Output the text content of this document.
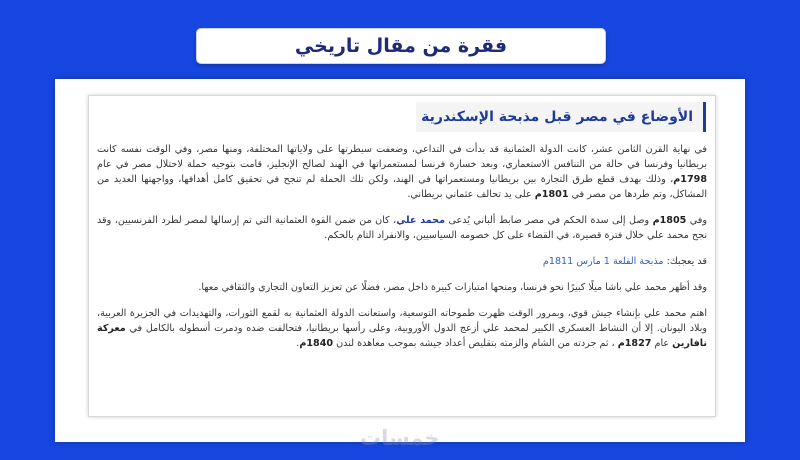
فقرة من مقال تاريخي
الأوضاع في مصر قبل مذبحة الإسكندرية

في نهاية القرن الثامن عشر، كانت الدولة العثمانية قد بدأت في التداعي، وضعفت سيطرتها على ولاياتها المختلفة، ومنها مصر، وفي الوقت نفسه كانت بريطانيا وفرنسا في حالة من التنافس الاستعماري، وبعد خسارة فرنسا لمستعمراتها في الهند لصالح الإنجليز، قامت بتوجيه حملة لاحتلال مصر في عام 1798م، وذلك بهدف قطع طرق التجارة بين بريطانيا ومستعمراتها في الهند، ولكن تلك الحملة لم تنجح في تحقيق كامل أهدافها، وواجهتها العديد من المشاكل، وتم طردها من مصر في 1801م على يد تحالف عثماني بريطاني.

وفي 1805م وصل إلى سدة الحكم في مصر ضابط ألباني يُدعى محمد علي، كان من ضمن القوة العثمانية التي تم إرسالها لمصر لطرد الفرنسيين، وقد نجح محمد علي خلال فترة قصيرة، في القضاء على كل خصومه السياسيين، والانفراد التام بالحكم.

قد يعجبك: مذبحة القلعة 1 مارس 1811م

وقد أظهر محمد علي باشا ميلًا كبيرًا نحو فرنسا، ومنحها امتيازات كبيرة داخل مصر، فضلًا عن تعزيز التعاون التجاري والثقافي معها.

اهتم محمد علي بإنشاء جيش قوي، وبمرور الوقت ظهرت طموحاته التوسعية، واستعانت الدولة العثمانية به لقمع الثورات، والتهديدات في الجزيرة العربية، وبلاد اليونان. إلا أن النشاط العسكري الكبير لمحمد علي أزعج الدول الأوروبية، وعلى رأسها بريطانيا، فتحالفت ضده ودمرت أسطوله بالكامل في معركة نافارين عام 1827م ، ثم جردته من الشام والزمته بتقليص أعداد جيشه بموجب معاهدة لندن 1840م.

خمسات
